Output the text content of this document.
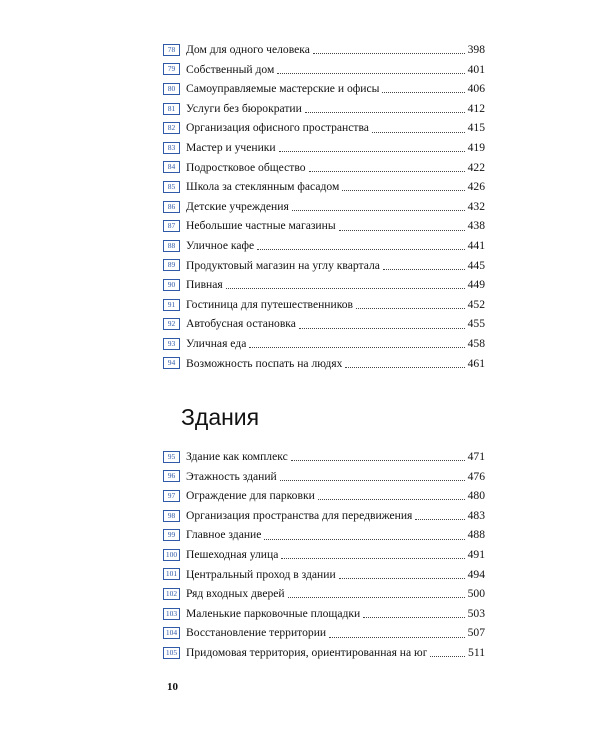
78 Дом для одного человека	398
79 Собственный дом	401
80 Самоуправляемые мастерские и офисы	406
81 Услуги без бюрократии	412
82 Организация офисного пространства	415
83 Мастер и ученики	419
84 Подростковое общество	422
85 Школа за стеклянным фасадом	426
86 Детские учреждения	432
87 Небольшие частные магазины	438
88 Уличное кафе	441
89 Продуктовый магазин на углу квартала	445
90 Пивная	449
91 Гостиница для путешественников	452
92 Автобусная остановка	455
93 Уличная еда	458
94 Возможность поспать на людях	461
Здания
95 Здание как комплекс	471
96 Этажность зданий	476
97 Ограждение для парковки	480
98 Организация пространства для передвижения	483
99 Главное здание	488
100 Пешеходная улица	491
101 Центральный проход в здании	494
102 Ряд входных дверей	500
103 Маленькие парковочные площадки	503
104 Восстановление территории	507
105 Придомовая территория, ориентированная на юг	511
10
